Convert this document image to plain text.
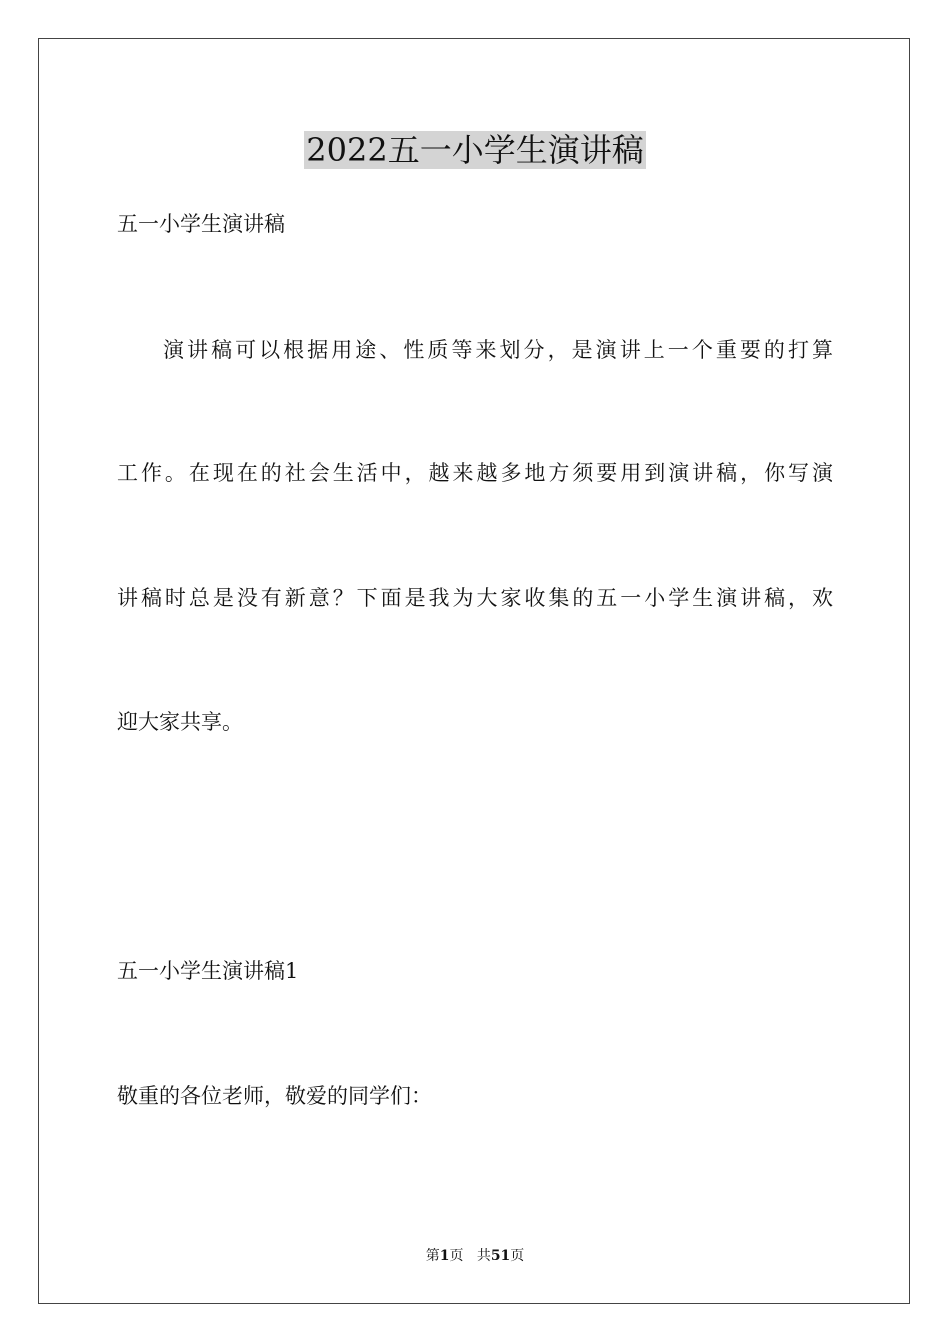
2022五一小学生演讲稿
五一小学生演讲稿
演讲稿可以根据用途、性质等来划分，是演讲上一个重要的打算
工作。在现在的社会生活中，越来越多地方须要用到演讲稿，你写演
讲稿时总是没有新意？下面是我为大家收集的五一小学生演讲稿，欢
迎大家共享。
五一小学生演讲稿1
敬重的各位老师，敬爱的同学们：
第1页 共51页
